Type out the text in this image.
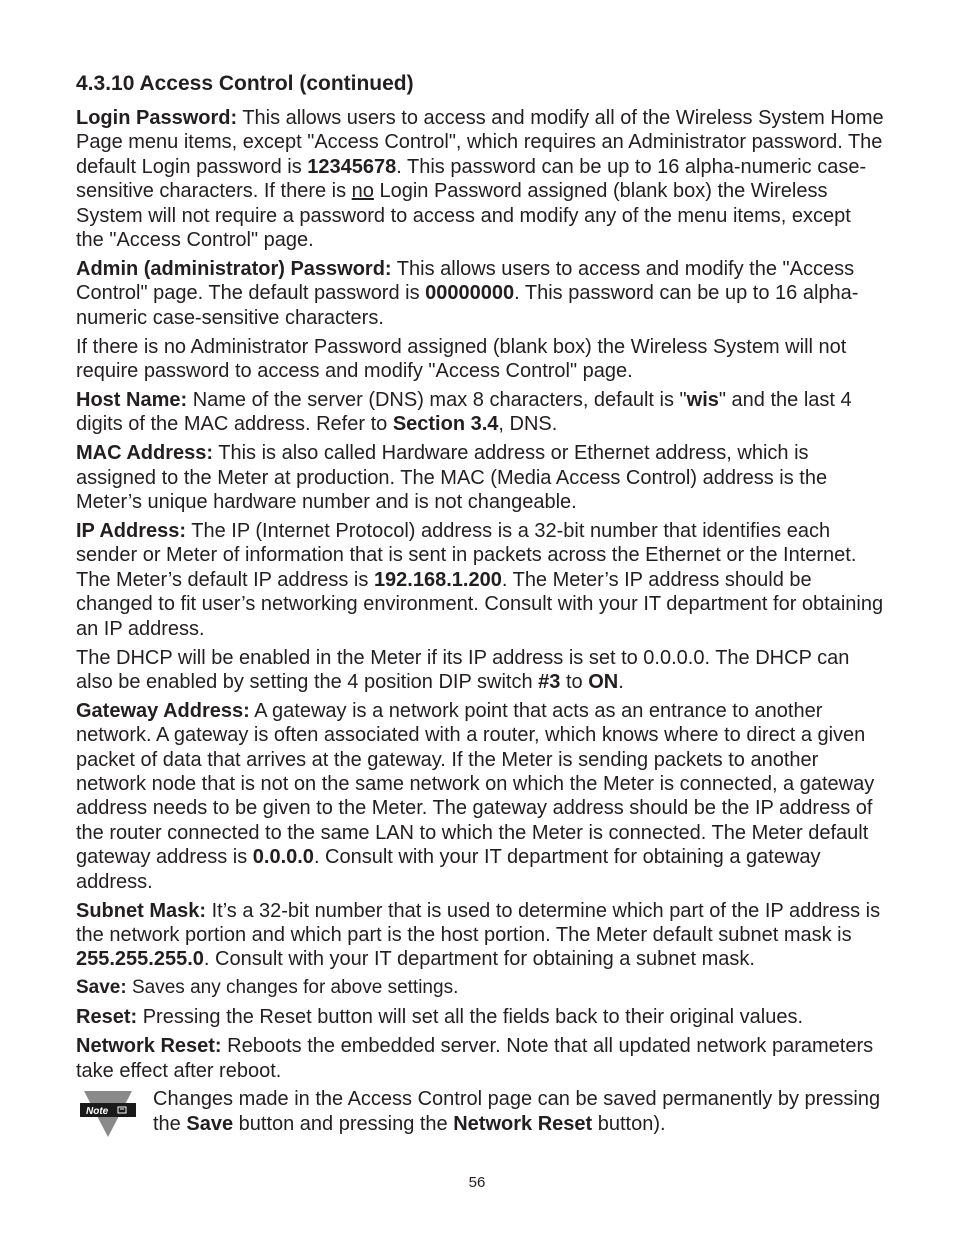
4.3.10 Access Control (continued)

Login Password: This allows users to access and modify all of the Wireless System Home Page menu items, except "Access Control", which requires an Administrator password. The default Login password is 12345678. This password can be up to 16 alpha-numeric case-sensitive characters. If there is no Login Password assigned (blank box) the Wireless System will not require a password to access and modify any of the menu items, except the "Access Control" page.

Admin (administrator) Password: This allows users to access and modify the "Access Control" page. The default password is 00000000. This password can be up to 16 alpha-numeric case-sensitive characters.

If there is no Administrator Password assigned (blank box) the Wireless System will not require password to access and modify "Access Control" page.

Host Name: Name of the server (DNS) max 8 characters, default is "wis" and the last 4 digits of the MAC address. Refer to Section 3.4, DNS.

MAC Address: This is also called Hardware address or Ethernet address, which is assigned to the Meter at production. The MAC (Media Access Control) address is the Meter’s unique hardware number and is not changeable.

IP Address: The IP (Internet Protocol) address is a 32-bit number that identifies each sender or Meter of information that is sent in packets across the Ethernet or the Internet. The Meter’s default IP address is 192.168.1.200. The Meter’s IP address should be changed to fit user’s networking environment. Consult with your IT department for obtaining an IP address.

The DHCP will be enabled in the Meter if its IP address is set to 0.0.0.0. The DHCP can also be enabled by setting the 4 position DIP switch #3 to ON.

Gateway Address: A gateway is a network point that acts as an entrance to another network. A gateway is often associated with a router, which knows where to direct a given packet of data that arrives at the gateway. If the Meter is sending packets to another network node that is not on the same network on which the Meter is connected, a gateway address needs to be given to the Meter. The gateway address should be the IP address of the router connected to the same LAN to which the Meter is connected. The Meter default gateway address is 0.0.0.0. Consult with your IT department for obtaining a gateway address.

Subnet Mask: It’s a 32-bit number that is used to determine which part of the IP address is the network portion and which part is the host portion. The Meter default subnet mask is 255.255.255.0. Consult with your IT department for obtaining a subnet mask.

Save: Saves any changes for above settings.

Reset: Pressing the Reset button will set all the fields back to their original values.

Network Reset: Reboots the embedded server. Note that all updated network parameters take effect after reboot.

Note

Changes made in the Access Control page can be saved permanently by pressing the Save button and pressing the Network Reset button).

56
